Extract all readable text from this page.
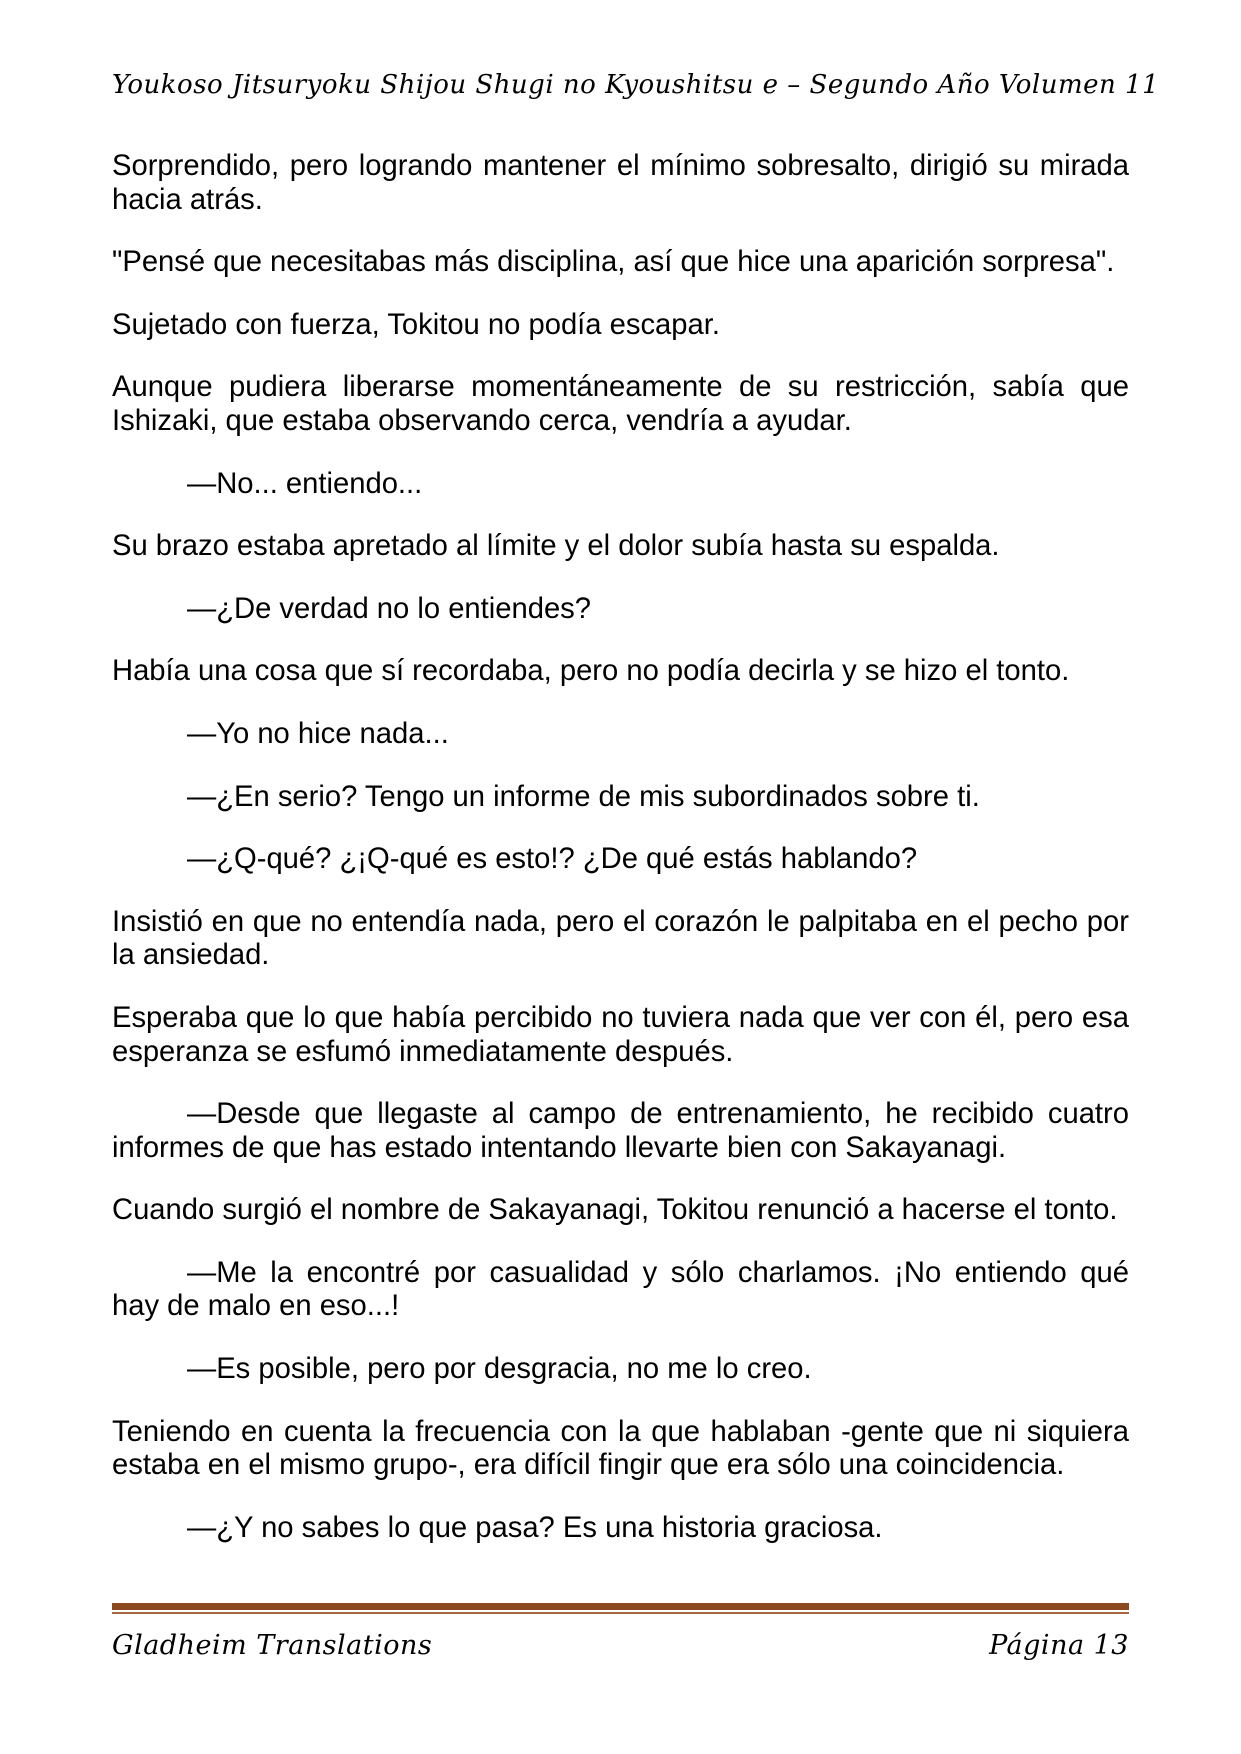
Youkoso Jitsuryoku Shijou Shugi no Kyoushitsu e – Segundo Año Volumen 11

Sorprendido, pero logrando mantener el mínimo sobresalto, dirigió su mirada hacia atrás.

"Pensé que necesitabas más disciplina, así que hice una aparición sorpresa".

Sujetado con fuerza, Tokitou no podía escapar.

Aunque pudiera liberarse momentáneamente de su restricción, sabía que Ishizaki, que estaba observando cerca, vendría a ayudar.

—No... entiendo...

Su brazo estaba apretado al límite y el dolor subía hasta su espalda.

—¿De verdad no lo entiendes?

Había una cosa que sí recordaba, pero no podía decirla y se hizo el tonto.

—Yo no hice nada...

—¿En serio? Tengo un informe de mis subordinados sobre ti.

—¿Q-qué? ¿¡Q-qué es esto!? ¿De qué estás hablando?

Insistió en que no entendía nada, pero el corazón le palpitaba en el pecho por la ansiedad.

Esperaba que lo que había percibido no tuviera nada que ver con él, pero esa esperanza se esfumó inmediatamente después.

—Desde que llegaste al campo de entrenamiento, he recibido cuatro informes de que has estado intentando llevarte bien con Sakayanagi.

Cuando surgió el nombre de Sakayanagi, Tokitou renunció a hacerse el tonto.

—Me la encontré por casualidad y sólo charlamos. ¡No entiendo qué hay de malo en eso...!

—Es posible, pero por desgracia, no me lo creo.

Teniendo en cuenta la frecuencia con la que hablaban -gente que ni siquiera estaba en el mismo grupo-, era difícil fingir que era sólo una coincidencia.

—¿Y no sabes lo que pasa? Es una historia graciosa.

Gladheim Translations	Página 13
